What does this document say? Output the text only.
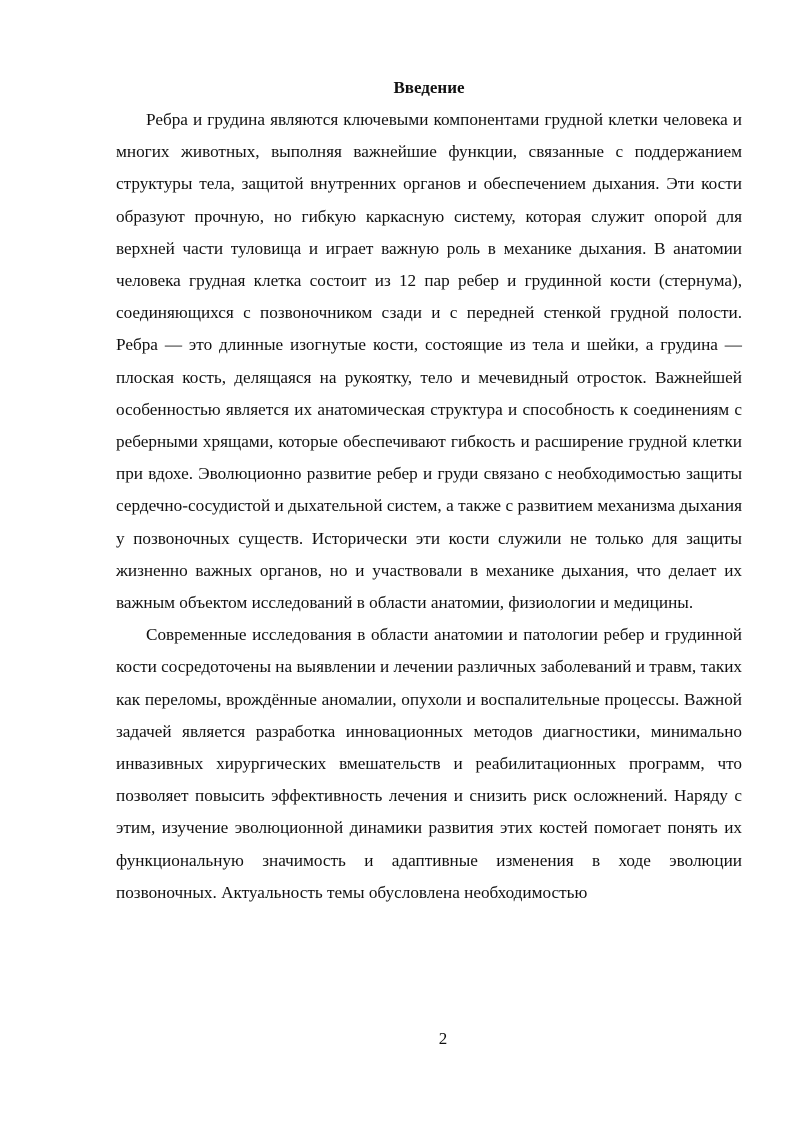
Введение

Ребра и грудина являются ключевыми компонентами грудной клетки человека и многих животных, выполняя важнейшие функции, связанные с поддержанием структуры тела, защитой внутренних органов и обеспечением дыхания. Эти кости образуют прочную, но гибкую каркасную систему, которая служит опорой для верхней части туловища и играет важную роль в механике дыхания. В анатомии человека грудная клетка состоит из 12 пар ребер и грудинной кости (стернума), соединяющихся с позвоночником сзади и с передней стенкой грудной полости. Ребра — это длинные изогнутые кости, состоящие из тела и шейки, а грудина — плоская кость, делящаяся на рукоятку, тело и мечевидный отросток. Важнейшей особенностью является их анатомическая структура и способность к соединениям с реберными хрящами, которые обеспечивают гибкость и расширение грудной клетки при вдохе. Эволюционно развитие ребер и груди связано с необходимостью защиты сердечно-сосудистой и дыхательной систем, а также с развитием механизма дыхания у позвоночных существ. Исторически эти кости служили не только для защиты жизненно важных органов, но и участвовали в механике дыхания, что делает их важным объектом исследований в области анатомии, физиологии и медицины.

Современные исследования в области анатомии и патологии ребер и грудинной кости сосредоточены на выявлении и лечении различных заболеваний и травм, таких как переломы, врождённые аномалии, опухоли и воспалительные процессы. Важной задачей является разработка инновационных методов диагностики, минимально инвазивных хирургических вмешательств и реабилитационных программ, что позволяет повысить эффективность лечения и снизить риск осложнений. Наряду с этим, изучение эволюционной динамики развития этих костей помогает понять их функциональную значимость и адаптивные изменения в ходе эволюции позвоночных. Актуальность темы обусловлена необходимостью

2
